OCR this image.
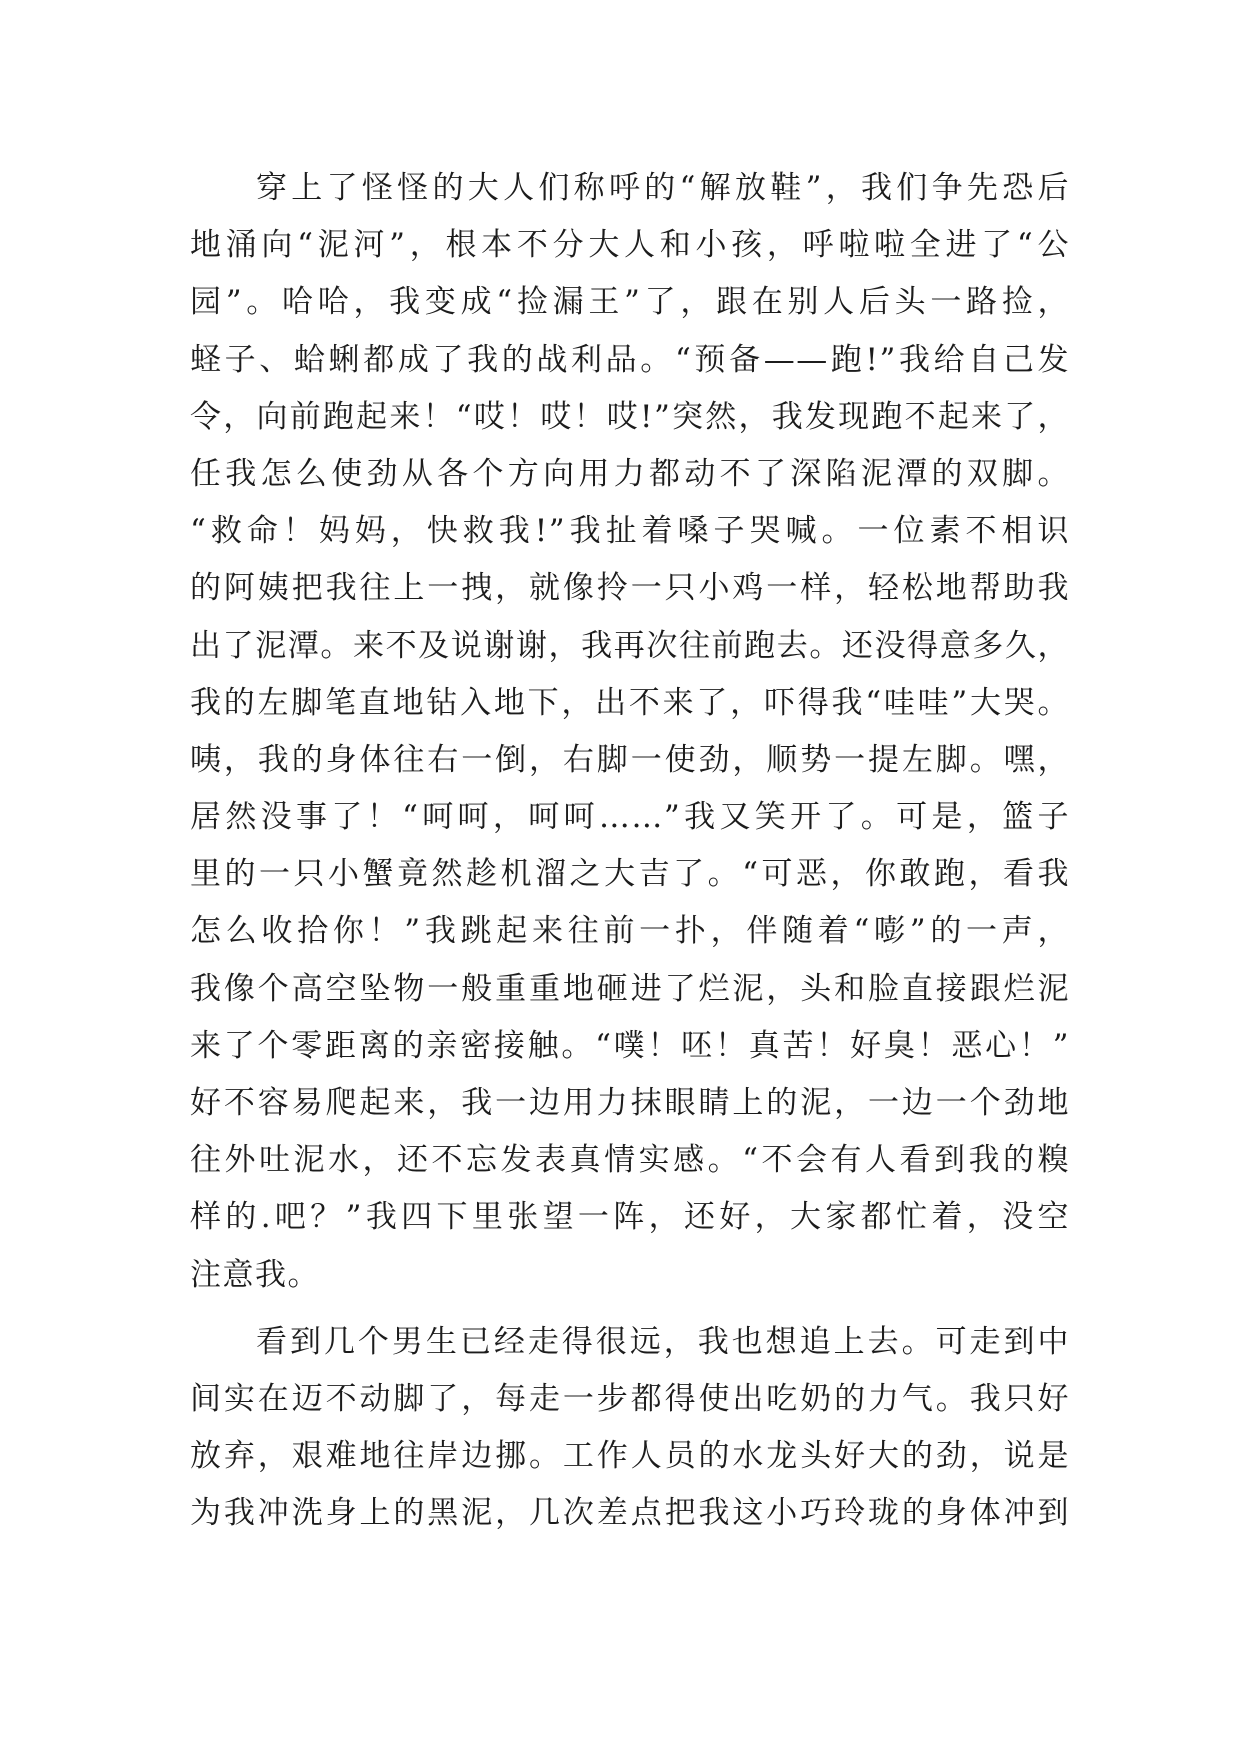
穿上了怪怪的大人们称呼的“解放鞋”，我们争先恐后
地涌向“泥河”，根本不分大人和小孩，呼啦啦全进了“公
园”。哈哈，我变成“捡漏王”了，跟在别人后头一路捡，
蛏子、蛤蜊都成了我的战利品。“预备——跑!”我给自己发
令，向前跑起来！“哎！哎！哎!”突然，我发现跑不起来了，
任我怎么使劲从各个方向用力都动不了深陷泥潭的双脚。
“救命！妈妈，快救我!”我扯着嗓子哭喊。一位素不相识
的阿姨把我往上一拽，就像拎一只小鸡一样，轻松地帮助我
出了泥潭。来不及说谢谢，我再次往前跑去。还没得意多久，
我的左脚笔直地钻入地下，出不来了，吓得我“哇哇”大哭。
咦，我的身体往右一倒，右脚一使劲，顺势一提左脚。嘿，
居然没事了！“呵呵，呵呵……”我又笑开了。可是，篮子
里的一只小蟹竟然趁机溜之大吉了。“可恶，你敢跑，看我
怎么收拾你！”我跳起来往前一扑，伴随着“嘭”的一声，
我像个高空坠物一般重重地砸进了烂泥，头和脸直接跟烂泥
来了个零距离的亲密接触。“噗！呸！真苦！好臭！恶心！”
好不容易爬起来，我一边用力抹眼睛上的泥，一边一个劲地
往外吐泥水，还不忘发表真情实感。“不会有人看到我的糗
样的.吧？”我四下里张望一阵，还好，大家都忙着，没空
注意我。
看到几个男生已经走得很远，我也想追上去。可走到中
间实在迈不动脚了，每走一步都得使出吃奶的力气。我只好
放弃，艰难地往岸边挪。工作人员的水龙头好大的劲，说是
为我冲洗身上的黑泥，几次差点把我这小巧玲珑的身体冲到
